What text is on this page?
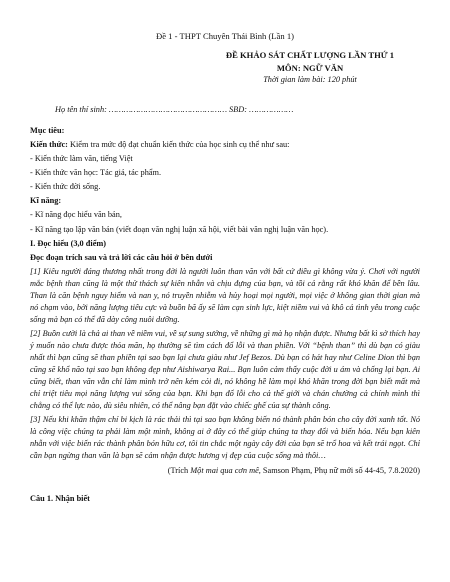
Đề 1 - THPT Chuyên Thái Bình (Lần 1)
ĐỀ KHẢO SÁT CHẤT LƯỢNG LẦN THỨ 1
MÔN: NGỮ VĂN
Thời gian làm bài: 120 phút
Họ tên thí sinh: ………………………………………… SBD: ………………
Mục tiêu:
Kiến thức: Kiểm tra mức độ đạt chuẩn kiến thức của học sinh cụ thể như sau:
- Kiến thức làm văn, tiếng Việt
- Kiến thức văn học: Tác giả, tác phẩm.
- Kiến thức đời sống.
Kĩ năng:
- Kĩ năng đọc hiểu văn bản,
- Kĩ năng tạo lập văn bản (viết đoạn văn nghị luận xã hội, viết bài văn nghị luận văn học).
I. Đọc hiểu (3,0 điểm)
Đọc đoạn trích sau và trả lời các câu hỏi ở bên dưới

[1] Kiêu người đáng thương nhất trong đời là người luôn than vãn với bất cứ điều gì không vừa ý. Chơi với người mắc bệnh than cũng là một thử thách sự kiên nhẫn và chịu đựng của bạn, và tồi cả rằng rất khó khăn để bền lâu. Than là căn bệnh nguy hiểm và nan y, nó truyền nhiễm và hủy hoại mọi người, mọi việc ở không gian thời gian mà nó chạm vào, bởi năng lượng tiêu cực và buồn bã ấy sẽ làm cạn sinh lực, kiệt niềm vui và khô cả tình yêu trong cuộc sống mà bạn có thể đã dày công nuôi dưỡng.

[2] Buồn cười là chả ai than về niềm vui, về sự sung sướng, về những gì mà họ nhận được. Nhưng bất kì sở thích hay ý muốn nào chưa được thỏa mãn, họ thường sẽ tìm cách đổ lỗi và than phiền. Với “bệnh than” thì dù bạn có giàu nhất thì bạn cũng sẽ than phiền tại sao bạn lại chưa giàu như Jef Bezos. Dù bạn có hát hay như Celine Dion thì bạn cũng sẽ khổ não tại sao bạn không đẹp như Aishiwarya Rai... Bạn luôn cảm thấy cuộc đời u ám và chống lại bạn. Ai cũng biết, than vãn vẫn chỉ làm mình trở nên kém cỏi đi, nó không hề làm mọi khó khăn trong đời bạn biết mất mà chỉ triệt tiêu mọi năng lượng vui sống của bạn. Khi bạn đổ lỗi cho cả thế giới và chán chường cả chính mình thì chẳng có thể lực nào, dù siêu nhiên, có thể nâng bạn đặt vào chiếc ghế của sự thành công.

[3] Nếu khi khăn thậm chí bi kịch là rác thải thì tại sao bạn không biến nó thành phân bón cho cây đời xanh tốt. Nó là công việc chúng ta phải làm một mình, không ai ở đây có thể giúp chúng ta thay đổi và biến hóa. Nếu bạn kiên nhẫn với việc biến rác thành phân bón hữu cơ, tôi tin chắc một ngày cây đời của bạn sẽ trổ hoa và kết trái ngọt. Chỉ cần bạn ngừng than vãn là bạn sẽ cảm nhận được hương vị đẹp của cuộc sống mà thôi…

(Trích Một mai qua cơn mê, Samson Phạm, Phụ nữ mới số 44-45, 7.8.2020)
Câu 1. Nhận biết
